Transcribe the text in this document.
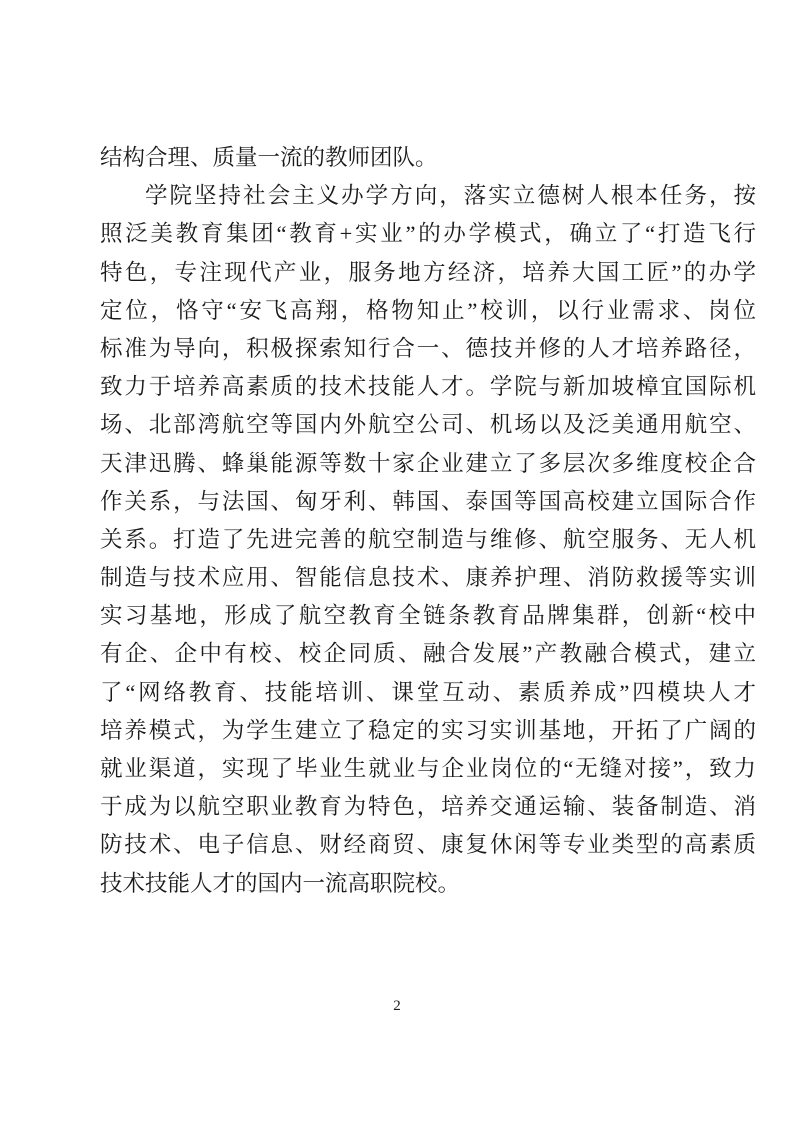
结构合理、质量一流的教师团队。
学院坚持社会主义办学方向，落实立德树人根本任务，按
照泛美教育集团“教育+实业”的办学模式，确立了“打造飞行
特色，专注现代产业，服务地方经济，培养大国工匠”的办学
定位，恪守“安飞高翔，格物知止”校训，以行业需求、岗位
标准为导向，积极探索知行合一、德技并修的人才培养路径，
致力于培养高素质的技术技能人才。学院与新加坡樟宜国际机
场、北部湾航空等国内外航空公司、机场以及泛美通用航空、
天津迅腾、蜂巢能源等数十家企业建立了多层次多维度校企合
作关系，与法国、匈牙利、韩国、泰国等国高校建立国际合作
关系。打造了先进完善的航空制造与维修、航空服务、无人机
制造与技术应用、智能信息技术、康养护理、消防救援等实训
实习基地，形成了航空教育全链条教育品牌集群，创新“校中
有企、企中有校、校企同质、融合发展”产教融合模式，建立
了“网络教育、技能培训、课堂互动、素质养成”四模块人才
培养模式，为学生建立了稳定的实习实训基地，开拓了广阔的
就业渠道，实现了毕业生就业与企业岗位的“无缝对接”，致力
于成为以航空职业教育为特色，培养交通运输、装备制造、消
防技术、电子信息、财经商贸、康复休闲等专业类型的高素质
技术技能人才的国内一流高职院校。
2
